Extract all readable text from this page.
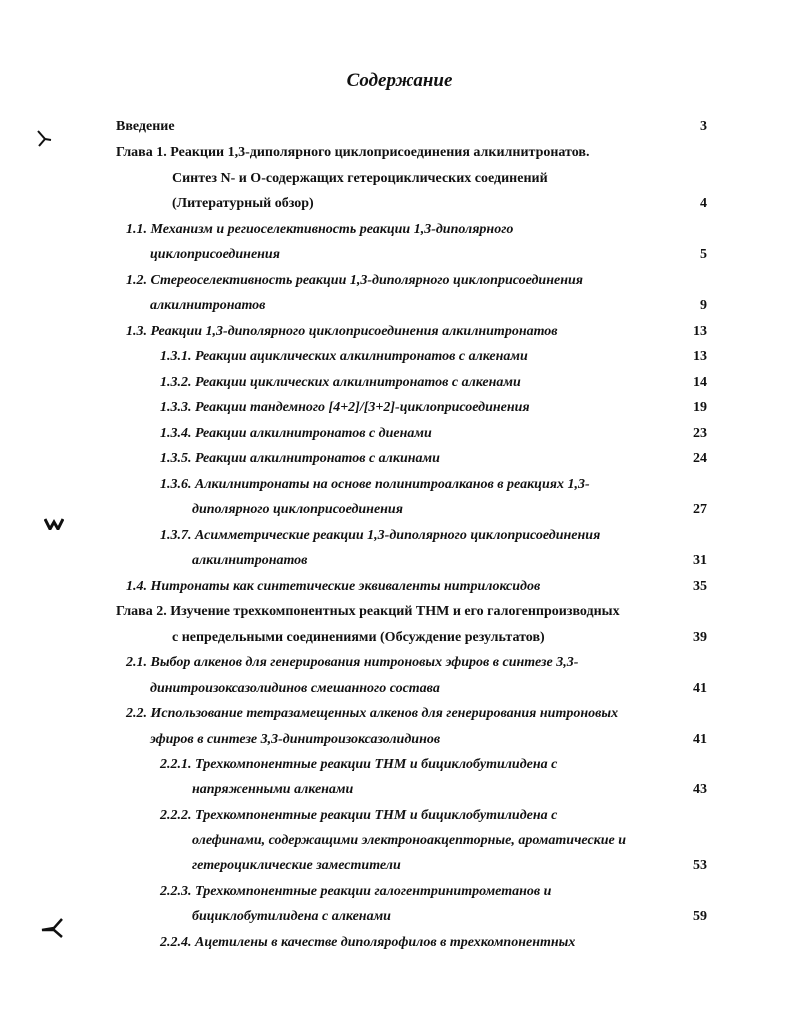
Содержание
Введение	3
Глава 1. Реакции 1,3-диполярного циклоприсоединения алкилнитронатов.
Синтез N- и O-содержащих гетероциклических соединений
(Литературный обзор)	4
1.1. Механизм и региоселективность реакции 1,3-диполярного
циклоприсоединения	5
1.2. Стереоселективность реакции 1,3-диполярного циклоприсоединения
алкилнитронатов	9
1.3. Реакции 1,3-диполярного циклоприсоединения алкилнитронатов	13
1.3.1. Реакции ациклических алкилнитронатов с алкенами	13
1.3.2. Реакции циклических алкилнитронатов с алкенами	14
1.3.3. Реакции тандемного [4+2]/[3+2]-циклоприсоединения	19
1.3.4. Реакции алкилнитронатов с диенами	23
1.3.5. Реакции алкилнитронатов с алкинами	24
1.3.6. Алкилнитронаты на основе полинитроалканов в реакциях 1,3-
диполярного циклоприсоединения	27
1.3.7. Асимметрические реакции 1,3-диполярного циклоприсоединения
алкилнитронатов	31
1.4. Нитронаты как синтетические эквиваленты нитрилоксидов	35
Глава 2. Изучение трехкомпонентных реакций ТНМ и его галогенпроизводных
с непредельными соединениями (Обсуждение результатов)	39
2.1. Выбор алкенов для генерирования нитроновых эфиров в синтезе 3,3-
динитроизоксазолидинов смешанного состава	41
2.2. Использование тетразамещенных алкенов для генерирования нитроновых
эфиров в синтезе 3,3-динитроизоксазолидинов	41
2.2.1. Трехкомпонентные реакции ТНМ и бициклобутилидена с
напряженными алкенами	43
2.2.2. Трехкомпонентные реакции ТНМ и бициклобутилидена с
олефинами, содержащими электроноакцепторные, ароматические и
гетероциклические заместители	53
2.2.3. Трехкомпонентные реакции галогентринитрометанов и
бициклобутилидена с алкенами	59
2.2.4. Ацетилены в качестве диполярофилов в трехкомпонентных
